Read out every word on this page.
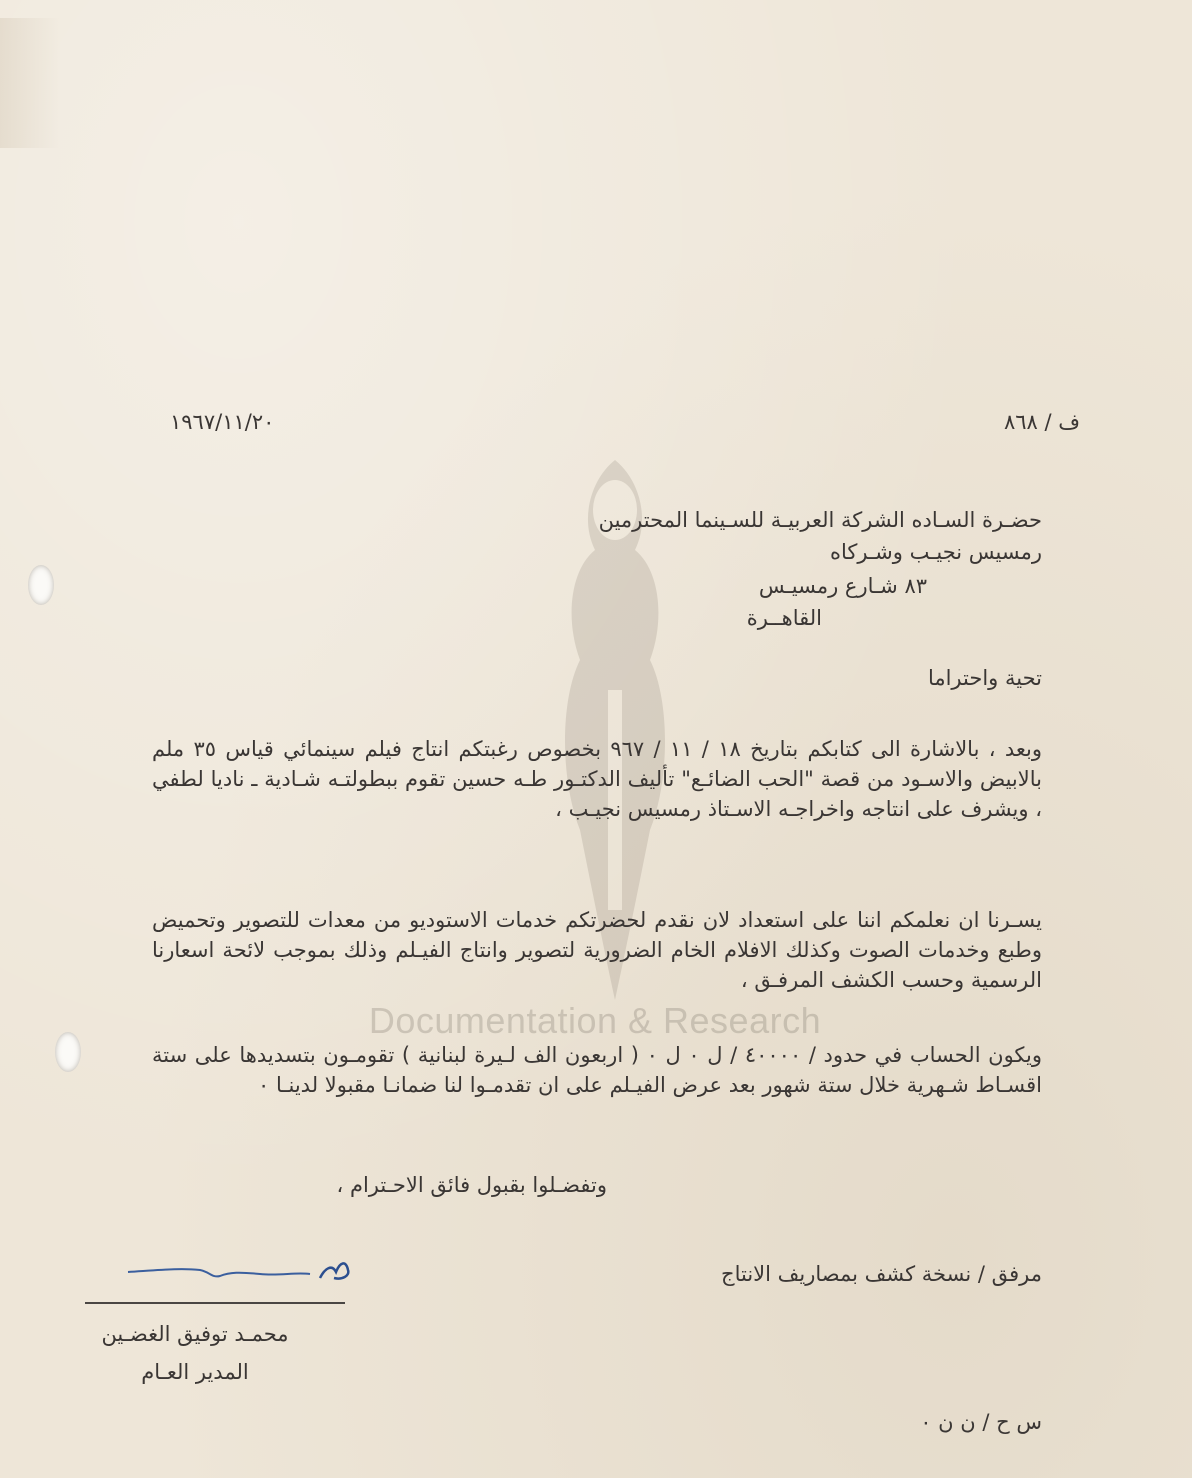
Documentation & Research
ف / ٨٦٨
١٩٦٧/١١/٢٠
حضـرة السـاده الشركة العربيـة للسـينما المحترمين
رمسيس نجيـب وشـركاه
٨٣ شـارع رمسيـس
القاهــرة
تحية واحتراما
وبعد ، بالاشارة الى كتابكم بتاريخ ١٨ / ١١ / ٩٦٧ بخصوص رغبتكم انتاج فيلم سينمائي قياس ٣٥ ملم بالابيض والاسـود من قصة "الحب الضائـع" تأليف الدكتـور طـه حسين تقوم ببطولتـه شـادية ـ ناديا لطفي ، ويشرف على انتاجه واخراجـه الاسـتاذ رمسيس نجيـب ،
يسـرنا ان نعلمكم اننا على استعداد لان نقدم لحضرتكم خدمات الاستوديو من معدات للتصوير وتحميض وطبع وخدمات الصوت وكذلك الافلام الخام الضرورية لتصوير وانتاج الفيـلم وذلك بموجب لائحة اسعارنا الرسمية وحسب الكشف المرفـق ،
ويكون الحساب في حدود / ٤٠٠٠٠ / ل ٠ ل ٠ ( اربعون الف لـيرة لبنانية ) تقومـون بتسديدها على ستة اقسـاط شـهرية خلال ستة شهور بعد عرض الفيـلم على ان تقدمـوا لنا ضمانـا مقبولا لدينـا ٠
وتفضـلوا بقبول فائق الاحـترام ،
محمـد توفيق الغضـين
المدير العـام
مرفق / نسخة كشف بمصاريف الانتاج
س ح / ن ن ٠
